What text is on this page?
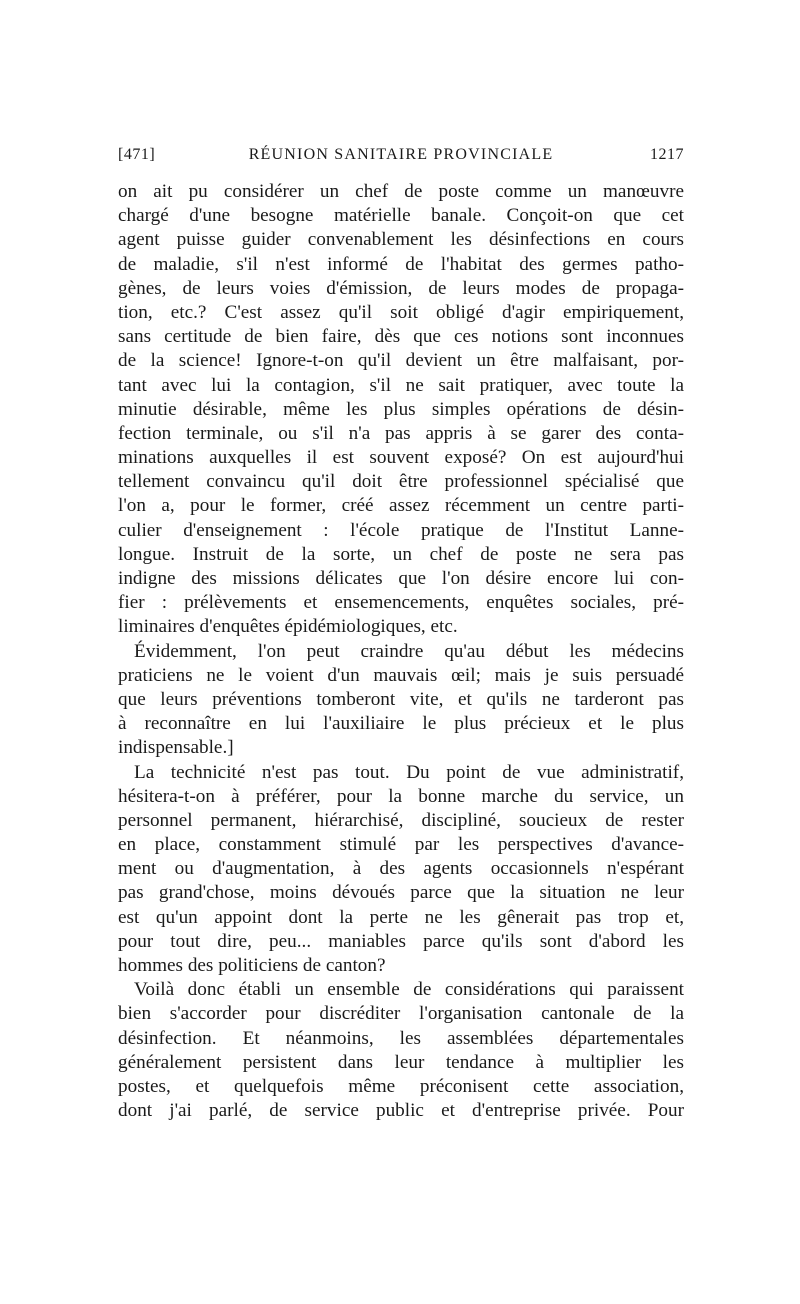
[471]	RÉUNION SANITAIRE PROVINCIALE	1217
on ait pu considérer un chef de poste comme un manœuvre
chargé d'une besogne matérielle banale. Conçoit-on que cet
agent puisse guider convenablement les désinfections en cours
de maladie, s'il n'est informé de l'habitat des germes patho-
gènes, de leurs voies d'émission, de leurs modes de propaga-
tion, etc.? C'est assez qu'il soit obligé d'agir empiriquement,
sans certitude de bien faire, dès que ces notions sont inconnues
de la science! Ignore-t-on qu'il devient un être malfaisant, por-
tant avec lui la contagion, s'il ne sait pratiquer, avec toute la
minutie désirable, même les plus simples opérations de désin-
fection terminale, ou s'il n'a pas appris à se garer des conta-
minations auxquelles il est souvent exposé? On est aujourd'hui
tellement convaincu qu'il doit être professionnel spécialisé que
l'on a, pour le former, créé assez récemment un centre parti-
culier d'enseignement : l'école pratique de l'Institut Lanne-
longue. Instruit de la sorte, un chef de poste ne sera pas
indigne des missions délicates que l'on désire encore lui con-
fier : prélèvements et ensemencements, enquêtes sociales, pré-
liminaires d'enquêtes épidémiologiques, etc.
Évidemment, l'on peut craindre qu'au début les médecins
praticiens ne le voient d'un mauvais œil; mais je suis persuadé
que leurs préventions tomberont vite, et qu'ils ne tarderont pas
à reconnaître en lui l'auxiliaire le plus précieux et le plus
indispensable.]
La technicité n'est pas tout. Du point de vue administratif,
hésitera-t-on à préférer, pour la bonne marche du service, un
personnel permanent, hiérarchisé, discipliné, soucieux de rester
en place, constamment stimulé par les perspectives d'avance-
ment ou d'augmentation, à des agents occasionnels n'espérant
pas grand'chose, moins dévoués parce que la situation ne leur
est qu'un appoint dont la perte ne les gênerait pas trop et,
pour tout dire, peu... maniables parce qu'ils sont d'abord les
hommes des politiciens de canton?
Voilà donc établi un ensemble de considérations qui paraissent
bien s'accorder pour discréditer l'organisation cantonale de la
désinfection. Et néanmoins, les assemblées départementales
généralement persistent dans leur tendance à multiplier les
postes, et quelquefois même préconisent cette association,
dont j'ai parlé, de service public et d'entreprise privée. Pour
